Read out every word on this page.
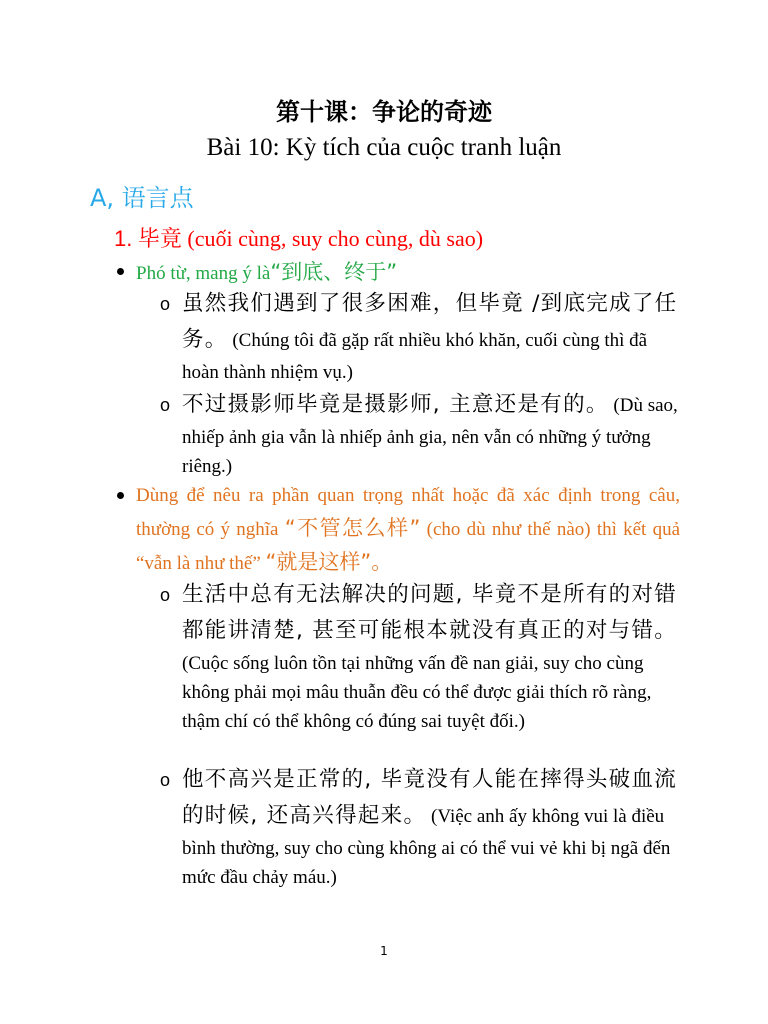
第十课：争论的奇迹
Bài 10: Kỳ tích của cuộc tranh luận
A, 语言点
1. 毕竟 (cuối cùng, suy cho cùng, dù sao)
Phó từ, mang ý là“到底、终于”
o 虽然我们遇到了很多困难，但毕竟 /到底完成了任务。 (Chúng tôi đã gặp rất nhiều khó khăn, cuối cùng thì đã hoàn thành nhiệm vụ.)
o 不过摄影师毕竟是摄影师, 主意还是有的。 (Dù sao, nhiếp ảnh gia vẫn là nhiếp ảnh gia, nên vẫn có những ý tưởng riêng.)
Dùng để nêu ra phần quan trọng nhất hoặc đã xác định trong câu, thường có ý nghĩa “不管怎么样” (cho dù như thế nào) thì kết quả “vẫn là như thế” “就是这样”。
o 生活中总有无法解决的问题, 毕竟不是所有的对错都能讲清楚, 甚至可能根本就没有真正的对与错。 (Cuộc sống luôn tồn tại những vấn đề nan giải, suy cho cùng không phải mọi mâu thuẫn đều có thể được giải thích rõ ràng, thậm chí có thể không có đúng sai tuyệt đối.)
o 他不高兴是正常的, 毕竟没有人能在摔得头破血流的时候, 还高兴得起来。 (Việc anh ấy không vui là điều bình thường, suy cho cùng không ai có thể vui vẻ khi bị ngã đến mức đầu chảy máu.)
1
